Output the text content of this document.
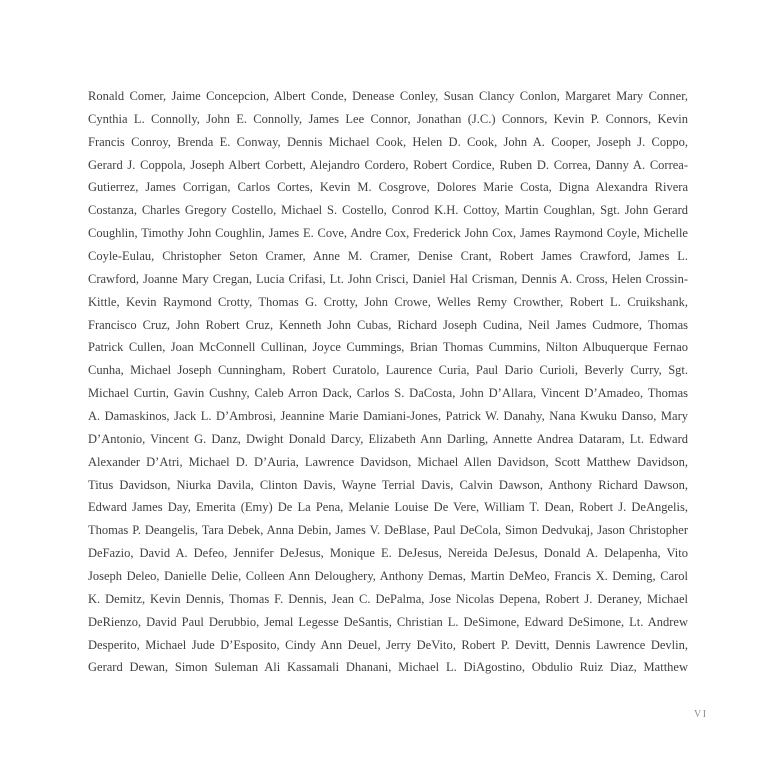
Ronald Comer, Jaime Concepcion, Albert Conde, Denease Conley, Susan Clancy Conlon, Margaret Mary Conner,
Cynthia L. Connolly, John E. Connolly, James Lee Connor, Jonathan (J.C.) Connors, Kevin P. Connors, Kevin
Francis Conroy, Brenda E. Conway, Dennis Michael Cook, Helen D. Cook, John A. Cooper, Joseph J. Coppo,
Gerard J. Coppola, Joseph Albert Corbett, Alejandro Cordero, Robert Cordice, Ruben D. Correa, Danny A. Correa-
Gutierrez, James Corrigan, Carlos Cortes, Kevin M. Cosgrove, Dolores Marie Costa, Digna Alexandra Rivera
Costanza, Charles Gregory Costello, Michael S. Costello, Conrod K.H. Cottoy, Martin Coughlan, Sgt. John Gerard
Coughlin, Timothy John Coughlin, James E. Cove, Andre Cox, Frederick John Cox, James Raymond Coyle, Michelle
Coyle-Eulau, Christopher Seton Cramer, Anne M. Cramer, Denise Crant, Robert James Crawford, James L.
Crawford, Joanne Mary Cregan, Lucia Crifasi, Lt. John Crisci, Daniel Hal Crisman, Dennis A. Cross, Helen Crossin-
Kittle, Kevin Raymond Crotty, Thomas G. Crotty, John Crowe, Welles Remy Crowther, Robert L. Cruikshank,
Francisco Cruz, John Robert Cruz, Kenneth John Cubas, Richard Joseph Cudina, Neil James Cudmore, Thomas
Patrick Cullen, Joan McConnell Cullinan, Joyce Cummings, Brian Thomas Cummins, Nilton Albuquerque Fernao
Cunha, Michael Joseph Cunningham, Robert Curatolo, Laurence Curia, Paul Dario Curioli, Beverly Curry, Sgt.
Michael Curtin, Gavin Cushny, Caleb Arron Dack, Carlos S. DaCosta, John D’Allara, Vincent D’Amadeo, Thomas
A. Damaskinos, Jack L. D’Ambrosi, Jeannine Marie Damiani-Jones, Patrick W. Danahy, Nana Kwuku Danso, Mary
D’Antonio, Vincent G. Danz, Dwight Donald Darcy, Elizabeth Ann Darling, Annette Andrea Dataram, Lt. Edward
Alexander D’Atri, Michael D. D’Auria, Lawrence Davidson, Michael Allen Davidson, Scott Matthew Davidson,
Titus Davidson, Niurka Davila, Clinton Davis, Wayne Terrial Davis, Calvin Dawson, Anthony Richard Dawson,
Edward James Day, Emerita (Emy) De La Pena, Melanie Louise De Vere, William T. Dean, Robert J. DeAngelis,
Thomas P. Deangelis, Tara Debek, Anna Debin, James V. DeBlase, Paul DeCola, Simon Dedvukaj, Jason Christopher
DeFazio, David A. Defeo, Jennifer DeJesus, Monique E. DeJesus, Nereida DeJesus, Donald A. Delapenha, Vito
Joseph Deleo, Danielle Delie, Colleen Ann Deloughery, Anthony Demas, Martin DeMeo, Francis X. Deming, Carol
K. Demitz, Kevin Dennis, Thomas F. Dennis, Jean C. DePalma, Jose Nicolas Depena, Robert J. Deraney, Michael
DeRienzo, David Paul Derubbio, Jemal Legesse DeSantis, Christian L. DeSimone, Edward DeSimone, Lt. Andrew
Desperito, Michael Jude D’Esposito, Cindy Ann Deuel, Jerry DeVito, Robert P. Devitt, Dennis Lawrence Devlin,
Gerard Dewan, Simon Suleman Ali Kassamali Dhanani, Michael L. DiAgostino, Obdulio Ruiz Diaz, Matthew
VI
